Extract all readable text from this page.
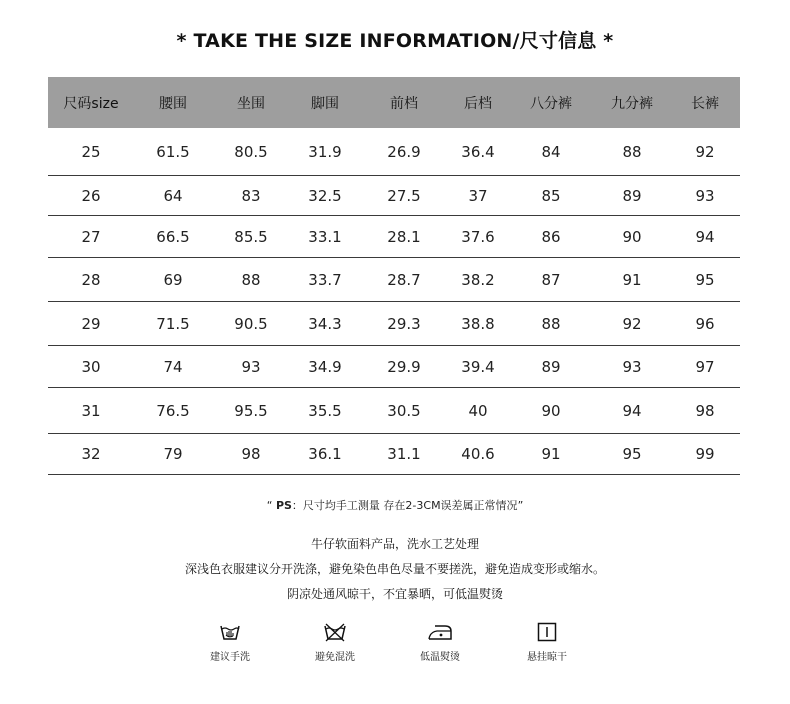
* TAKE THE SIZE INFORMATION/尺寸信息 *
尺码size	腰围	坐围	脚围	前档	后档	八分裤	九分裤	长裤
25	61.5	80.5	31.9	26.9	36.4	84	88	92
26	64	83	32.5	27.5	37	85	89	93
27	66.5	85.5	33.1	28.1	37.6	86	90	94
28	69	88	33.7	28.7	38.2	87	91	95
29	71.5	90.5	34.3	29.3	38.8	88	92	96
30	74	93	34.9	29.9	39.4	89	93	97
31	76.5	95.5	35.5	30.5	40	90	94	98
32	79	98	36.1	31.1	40.6	91	95	99
“ PS：尺寸均手工测量 存在2-3CM误差属正常情况”
牛仔软面料产品，洗水工艺处理
深浅色衣服建议分开洗涤，避免染色串色尽量不要搓洗，避免造成变形或缩水。
阴凉处通风晾干，不宜暴晒，可低温熨烫
建议手洗	避免混洗	低温熨烫	悬挂晾干
